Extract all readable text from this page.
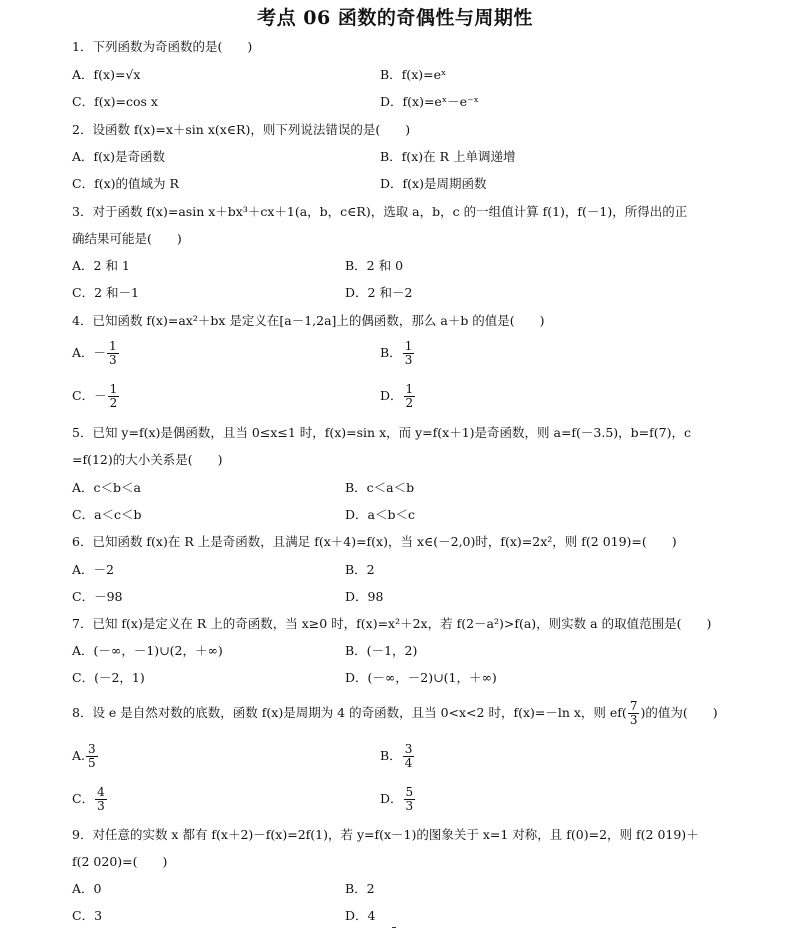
考点 06 函数的奇偶性与周期性
1．下列函数为奇函数的是(　　)
A．f(x)=√x	B．f(x)=eˣ
C．f(x)=cos x	D．f(x)=eˣ－e⁻ˣ
2．设函数 f(x)=x＋sin x(x∈R)，则下列说法错误的是(　　)
A．f(x)是奇函数	B．f(x)在 R 上单调递增
C．f(x)的值域为 R	D．f(x)是周期函数
3．对于函数 f(x)=asin x＋bx³＋cx＋1(a，b，c∈R)，选取 a，b，c 的一组值计算 f(1)，f(－1)，所得出的正
确结果可能是(　　)
A．2 和 1	B．2 和 0
C．2 和－1	D．2 和－2
4．已知函数 f(x)=ax²＋bx 是定义在[a－1,2a]上的偶函数，那么 a＋b 的值是(　　)
A．－ $\frac{1}{3}$	B． $\frac{1}{3}$
C．－ $\frac{1}{2}$	D． $\frac{1}{2}$
5．已知 y=f(x)是偶函数，且当 0≤x≤1 时，f(x)=sin x，而 y=f(x＋1)是奇函数，则 a=f(－3.5)，b=f(7)，c
=f(12)的大小关系是(　　)
A．c＜b＜a	B．c＜a＜b
C．a＜c＜b	D．a＜b＜c
6．已知函数 f(x)在 R 上是奇函数，且满足 f(x＋4)=f(x)，当 x∈(－2,0)时，f(x)=2x²，则 f(2 019)=(　　)
A．－2	B．2
C．－98	D．98
7．已知 f(x)是定义在 R 上的奇函数，当 x≥0 时，f(x)=x²＋2x，若 f(2－a²)>f(a)，则实数 a 的取值范围是(　　)
A．(－∞，－1)∪(2，＋∞)	B．(－1，2)
C．(－2，1)	D．(－∞，－2)∪(1，＋∞)
8．设 e 是自然对数的底数，函数 f(x)是周期为 4 的奇函数，且当 0<x<2 时，f(x)=－ln x，则 $ef( \frac{7}{3}$ )的值为(　　)
A. $\frac{3}{5}$	B． $\frac{3}{4}$
C． $\frac{4}{3}$	D． $\frac{5}{3}$
9．对任意的实数 x 都有 f(x＋2)－f(x)=2f(1)，若 y=f(x－1)的图象关于 x=1 对称，且 f(0)=2，则 f(2 019)＋
f(2 020)=(　　)
A．0	B．2
C．3	D．4
